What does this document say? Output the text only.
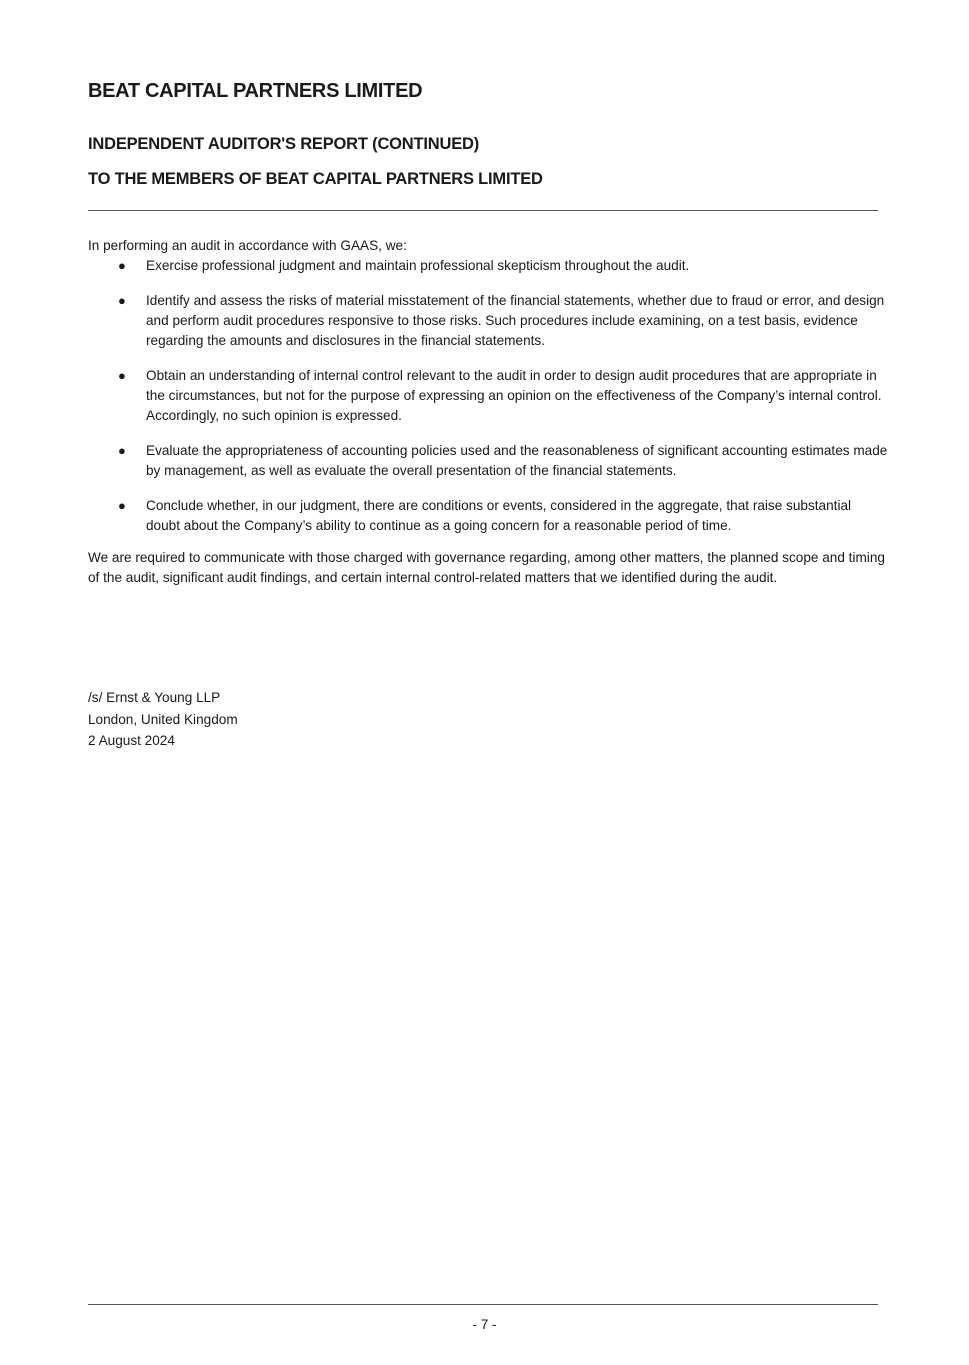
BEAT CAPITAL PARTNERS LIMITED
INDEPENDENT AUDITOR'S REPORT (CONTINUED)
TO THE MEMBERS OF BEAT CAPITAL PARTNERS LIMITED

In performing an audit in accordance with GAAS, we:

● Exercise professional judgment and maintain professional skepticism throughout the audit.
● Identify and assess the risks of material misstatement of the financial statements, whether due to fraud or error, and design and perform audit procedures responsive to those risks. Such procedures include examining, on a test basis, evidence regarding the amounts and disclosures in the financial statements.
● Obtain an understanding of internal control relevant to the audit in order to design audit procedures that are appropriate in the circumstances, but not for the purpose of expressing an opinion on the effectiveness of the Company’s internal control. Accordingly, no such opinion is expressed.
● Evaluate the appropriateness of accounting policies used and the reasonableness of significant accounting estimates made by management, as well as evaluate the overall presentation of the financial statements.
● Conclude whether, in our judgment, there are conditions or events, considered in the aggregate, that raise substantial doubt about the Company’s ability to continue as a going concern for a reasonable period of time.

We are required to communicate with those charged with governance regarding, among other matters, the planned scope and timing of the audit, significant audit findings, and certain internal control-related matters that we identified during the audit.

/s/ Ernst & Young LLP
London, United Kingdom
2 August 2024
- 7 -
